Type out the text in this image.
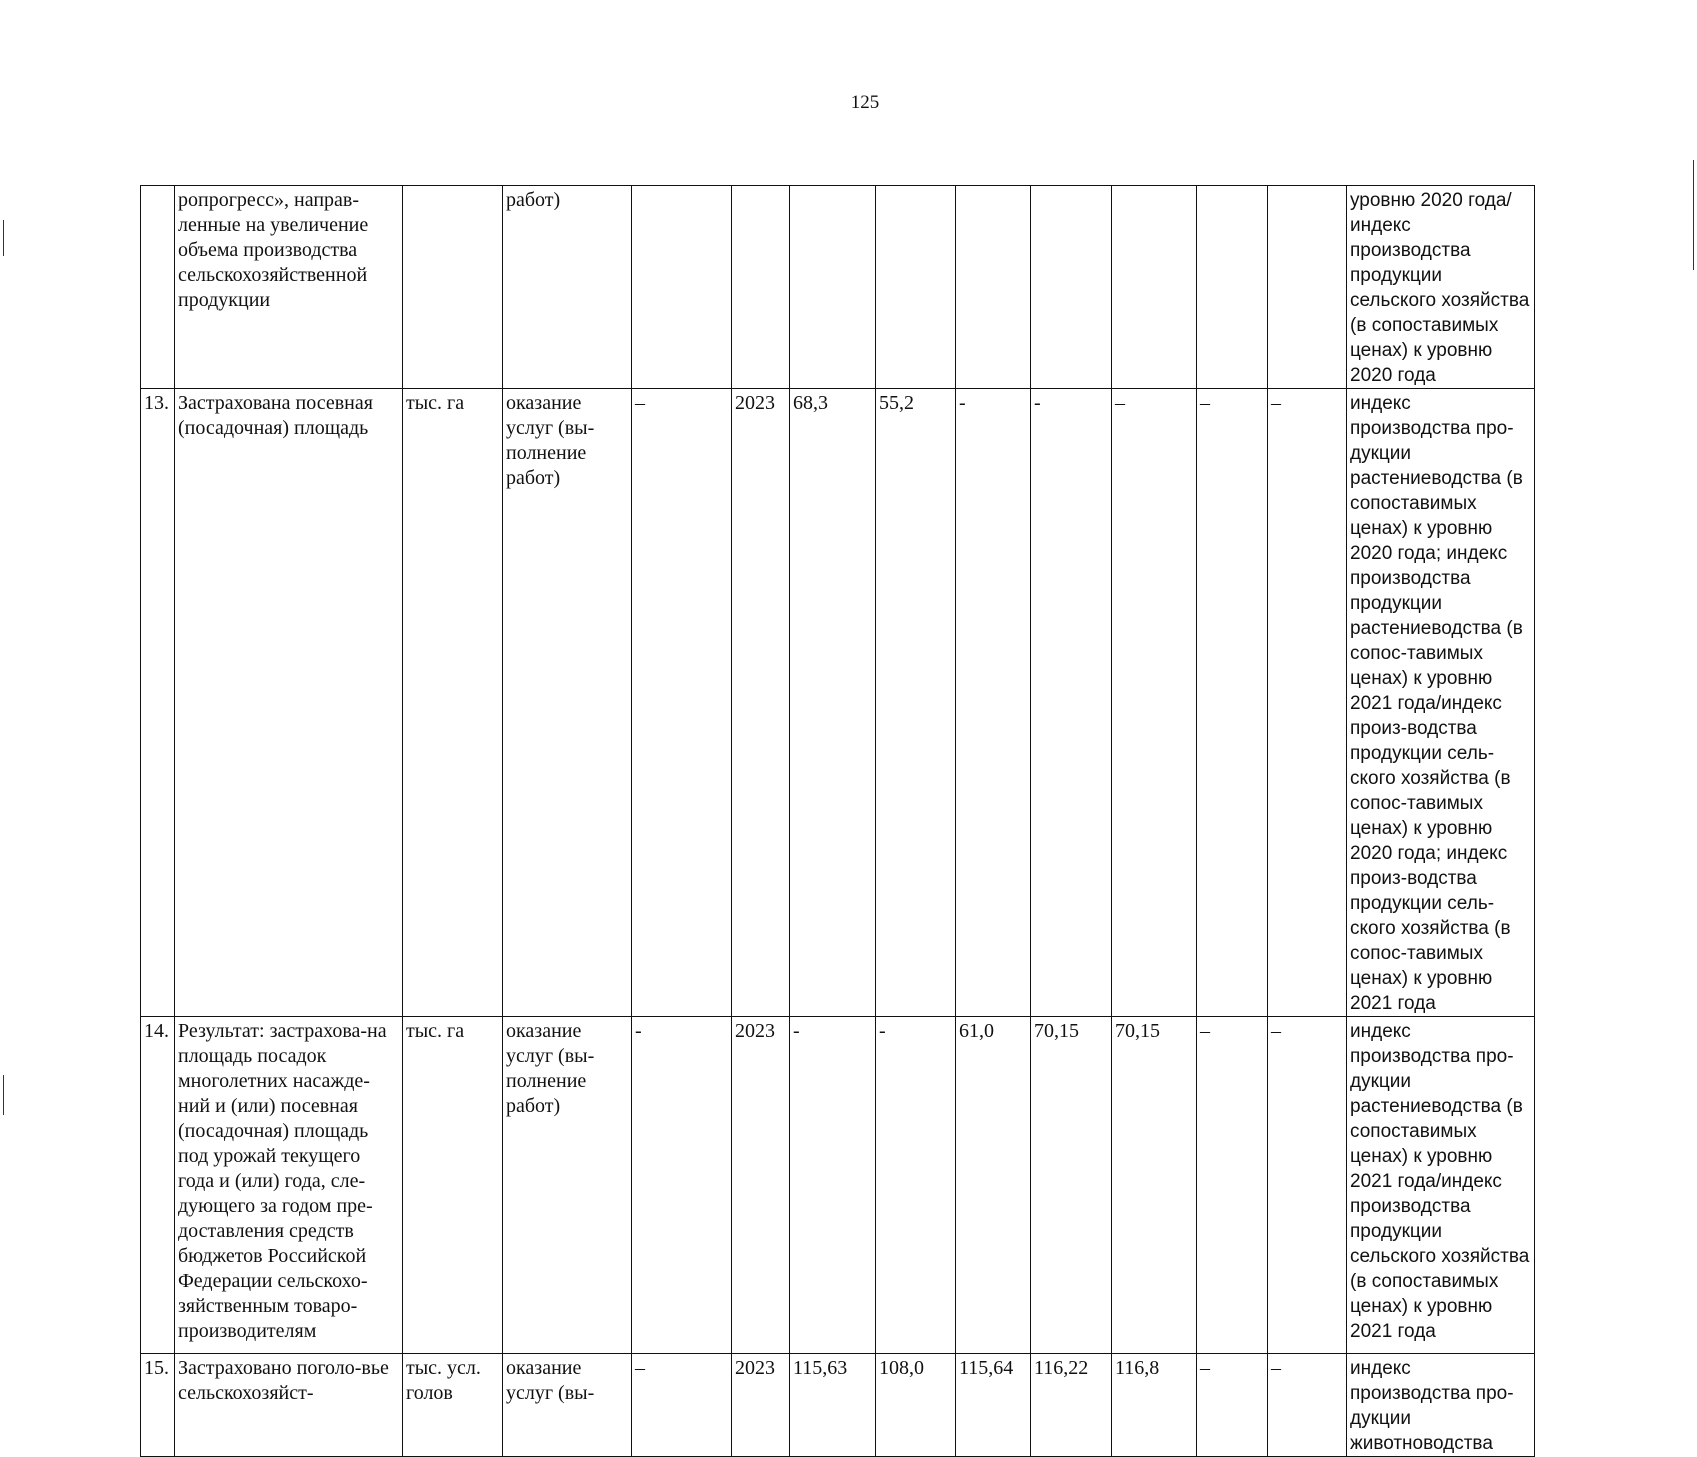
125
	ропрогресс», направ-ленные на увеличение объема производства сельскохозяйственной продукции		работ)										уровню 2020 года/индекс производства продукции сельского хозяйства (в сопоставимых ценах) к уровню 2020 года
13.	Застрахована посевная (посадочная) площадь	тыс. га	оказание услуг (вы-полнение работ)	–	2023	68,3	55,2	-	-	–	–	–	индекс производства про-дукции растениеводства (в сопоставимых ценах) к уровню 2020 года; индекс производства продукции растениеводства (в сопос-тавимых ценах) к уровню 2021 года/индекс произ-водства продукции сель-ского хозяйства (в сопос-тавимых ценах) к уровню 2020 года; индекс произ-водства продукции сель-ского хозяйства (в сопос-тавимых ценах) к уровню 2021 года
14.	Результат: застрахова-на площадь посадок многолетних насажде-ний и (или) посевная (посадочная) площадь под урожай текущего года и (или) года, сле-дующего за годом пре-доставления средств бюджетов Российской Федерации сельскохо-зяйственным товаро-производителям	тыс. га	оказание услуг (вы-полнение работ)	-	2023	-	-	61,0	70,15	70,15	–	–	индекс производства про-дукции растениеводства (в сопоставимых ценах) к уровню 2021 года/индекс производства продукции сельского хозяйства (в сопоставимых ценах) к уровню 2021 года
15.	Застраховано поголо-вье сельскохозяйст-	тыс. усл. голов	оказание услуг (вы-	–	2023	115,63	108,0	115,64	116,22	116,8	–	–	индекс производства про-дукции животноводства
